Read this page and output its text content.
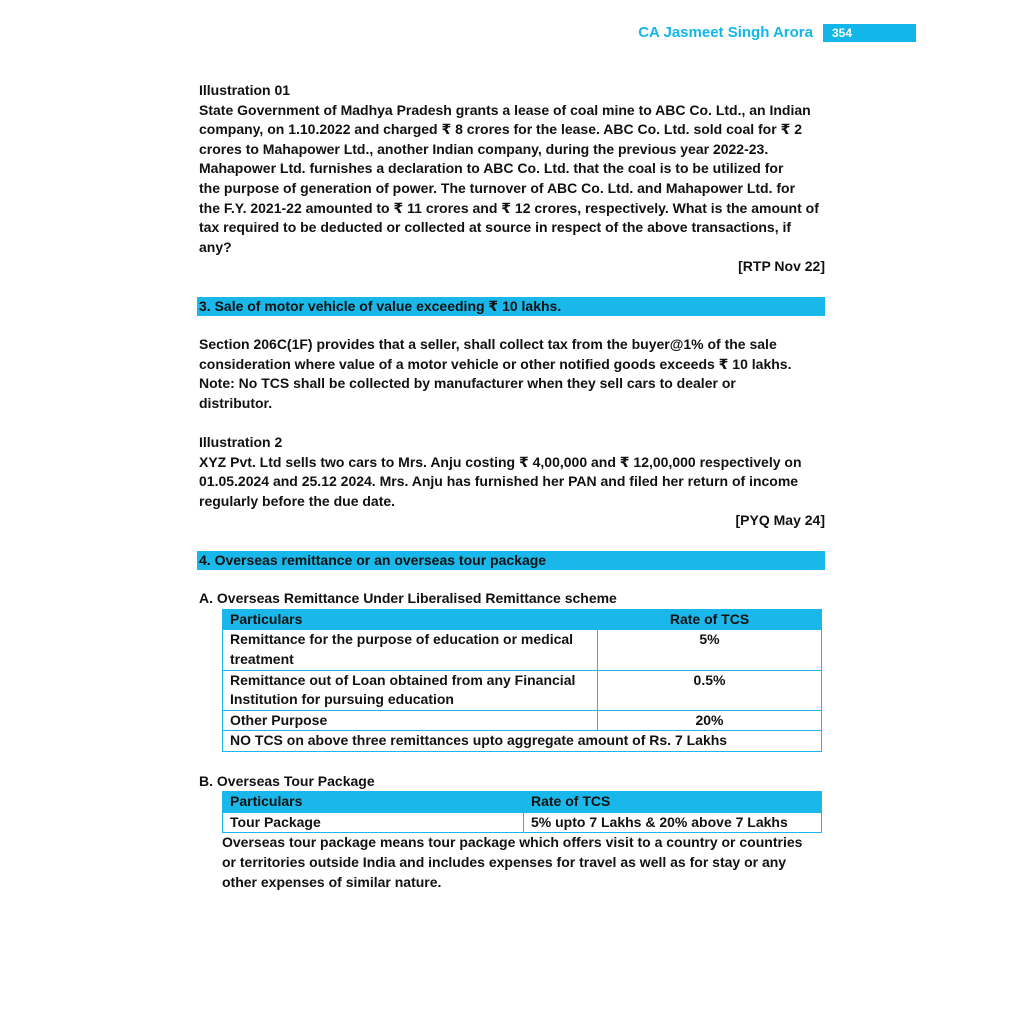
CA Jasmeet Singh Arora	354

Illustration 01

State Government of Madhya Pradesh grants a lease of coal mine to ABC Co. Ltd., an Indian

company, on 1.10.2022 and charged ₹ 8 crores for the lease. ABC Co. Ltd. sold coal for ₹ 2

crores to Mahapower Ltd., another Indian company, during the previous year 2022-23.

Mahapower Ltd. furnishes a declaration to ABC Co. Ltd. that the coal is to be utilized for

the purpose of generation of power. The turnover of ABC Co. Ltd. and Mahapower Ltd. for

the F.Y. 2021-22 amounted to ₹ 11 crores and ₹ 12 crores, respectively. What is the amount of

tax required to be deducted or collected at source in respect of the above transactions, if

any?

[RTP Nov 22]

3. Sale of motor vehicle of value exceeding ₹ 10 lakhs.

Section 206C(1F) provides that a seller, shall collect tax from the buyer@1% of the sale

consideration where value of a motor vehicle or other notified goods exceeds ₹ 10 lakhs.

Note: No TCS shall be collected by manufacturer when they sell cars to dealer or

distributor.

Illustration 2

XYZ Pvt. Ltd sells two cars to Mrs. Anju costing ₹ 4,00,000 and ₹ 12,00,000 respectively on

01.05.2024 and 25.12 2024. Mrs. Anju has furnished her PAN and filed her return of income

regularly before the due date.

[PYQ May 24]

4. Overseas remittance or an overseas tour package

A. Overseas Remittance Under Liberalised Remittance scheme

Particulars	Rate of TCS
Remittance for the purpose of education or medical
treatment	5%
Remittance out of Loan obtained from any Financial
Institution for pursuing education	0.5%
Other Purpose	20%
NO TCS on above three remittances upto aggregate amount of Rs. 7 Lakhs	

B. Overseas Tour Package

Particulars	Rate of TCS
Tour Package	5% upto 7 Lakhs & 20% above 7 Lakhs

Overseas tour package means tour package which offers visit to a country or countries

or territories outside India and includes expenses for travel as well as for stay or any

other expenses of similar nature.
